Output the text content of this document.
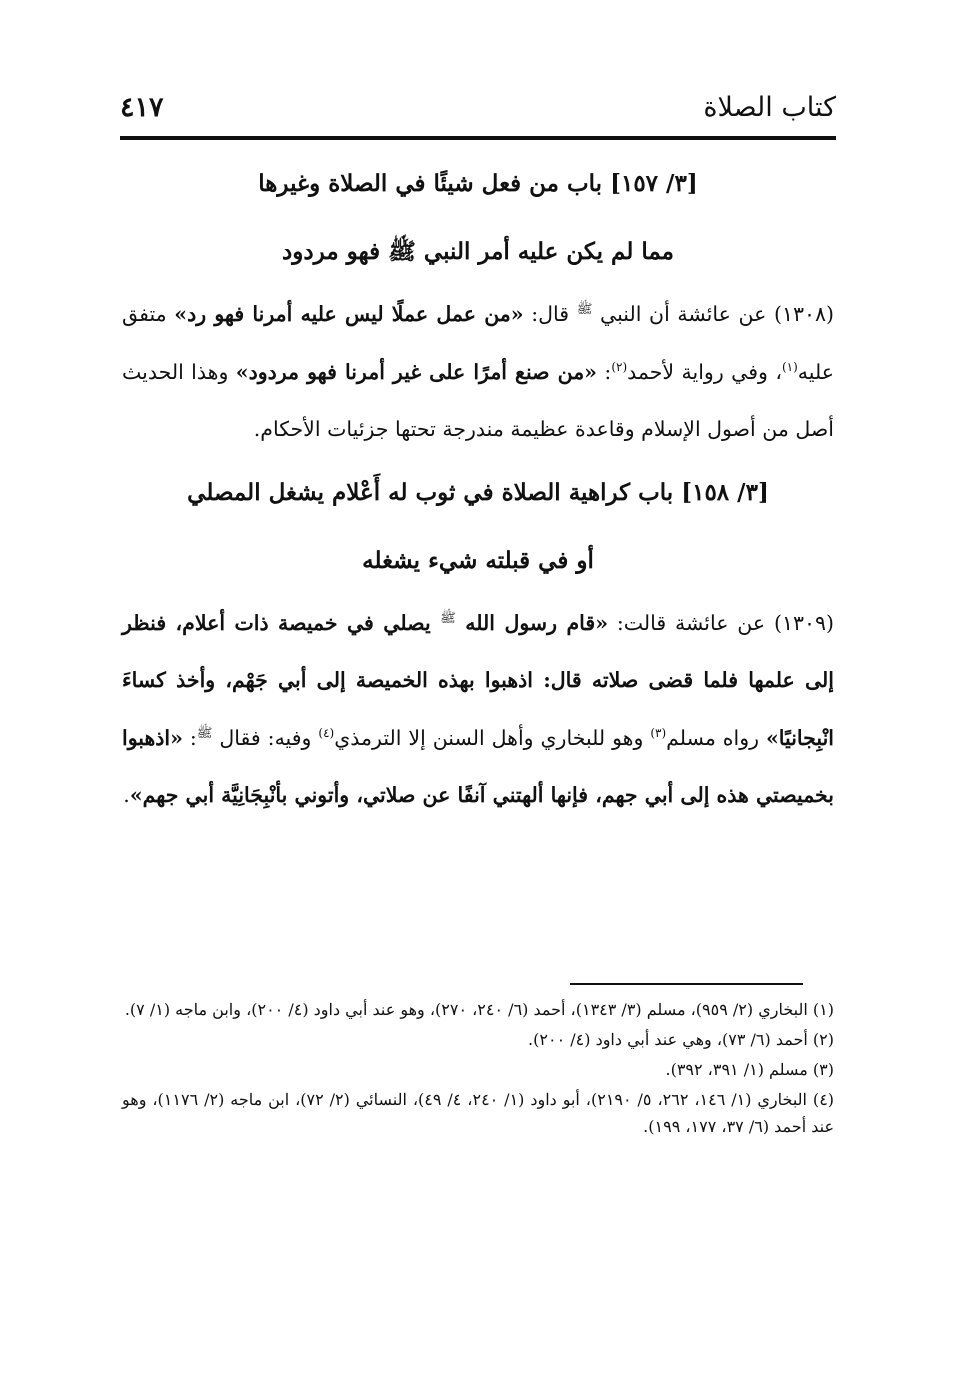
كتاب الصلاة
٤١٧

[٣/ ١٥٧] باب من فعل شيئًا في الصلاة وغيرها

مما لم يكن عليه أمر النبي ﷺ فهو مردود

(١٣٠٨) عن عائشة أن النبي $^ﷺ$ قال: «من عمل عملًا ليس عليه أمرنا فهو رد» متفق عليه$^{(١)}$، وفي رواية لأحمد$^{(٢)}$: «من صنع أمرًا على غير أمرنا فهو مردود» وهذا الحديث أصل من أصول الإسلام وقاعدة عظيمة مندرجة تحتها جزئيات الأحكام.

[٣/ ١٥٨] باب كراهية الصلاة في ثوب له أَعْلام يشغل المصلي

أو في قبلته شيء يشغله

(١٣٠٩) عن عائشة قالت: «قام رسول الله $^ﷺ$ يصلي في خميصة ذات أعلام، فنظر إلى علمها فلما قضى صلاته قال: اذهبوا بهذه الخميصة إلى أبي جَهْم، وأخذ كساءَ انْبِجانيًا» رواه مسلم$^{(٣)}$ وهو للبخاري وأهل السنن إلا الترمذي$^{(٤)}$ وفيه: فقال $^ﷺ$: «اذهبوا بخميصتي هذه إلى أبي جهم، فإنها ألهتني آنفًا عن صلاتي، وأتوني بأنْبِجَانِيَّة أبي جهم».

(١) البخاري (٢/ ٩٥٩)، مسلم (٣/ ١٣٤٣)، أحمد (٦/ ٢٤٠، ٢٧٠)، وهو عند أبي داود (٤/ ٢٠٠)، وابن ماجه (١/ ٧).

(٢) أحمد (٦/ ٧٣)، وهي عند أبي داود (٤/ ٢٠٠).

(٣) مسلم (١/ ٣٩١، ٣٩٢).

(٤) البخاري (١/ ١٤٦، ٢٦٢، ٥/ ٢١٩٠)، أبو داود (١/ ٢٤٠، ٤/ ٤٩)، النسائي (٢/ ٧٢)، ابن ماجه (٢/ ١١٧٦)، وهو عند أحمد (٦/ ٣٧، ١٧٧، ١٩٩).
